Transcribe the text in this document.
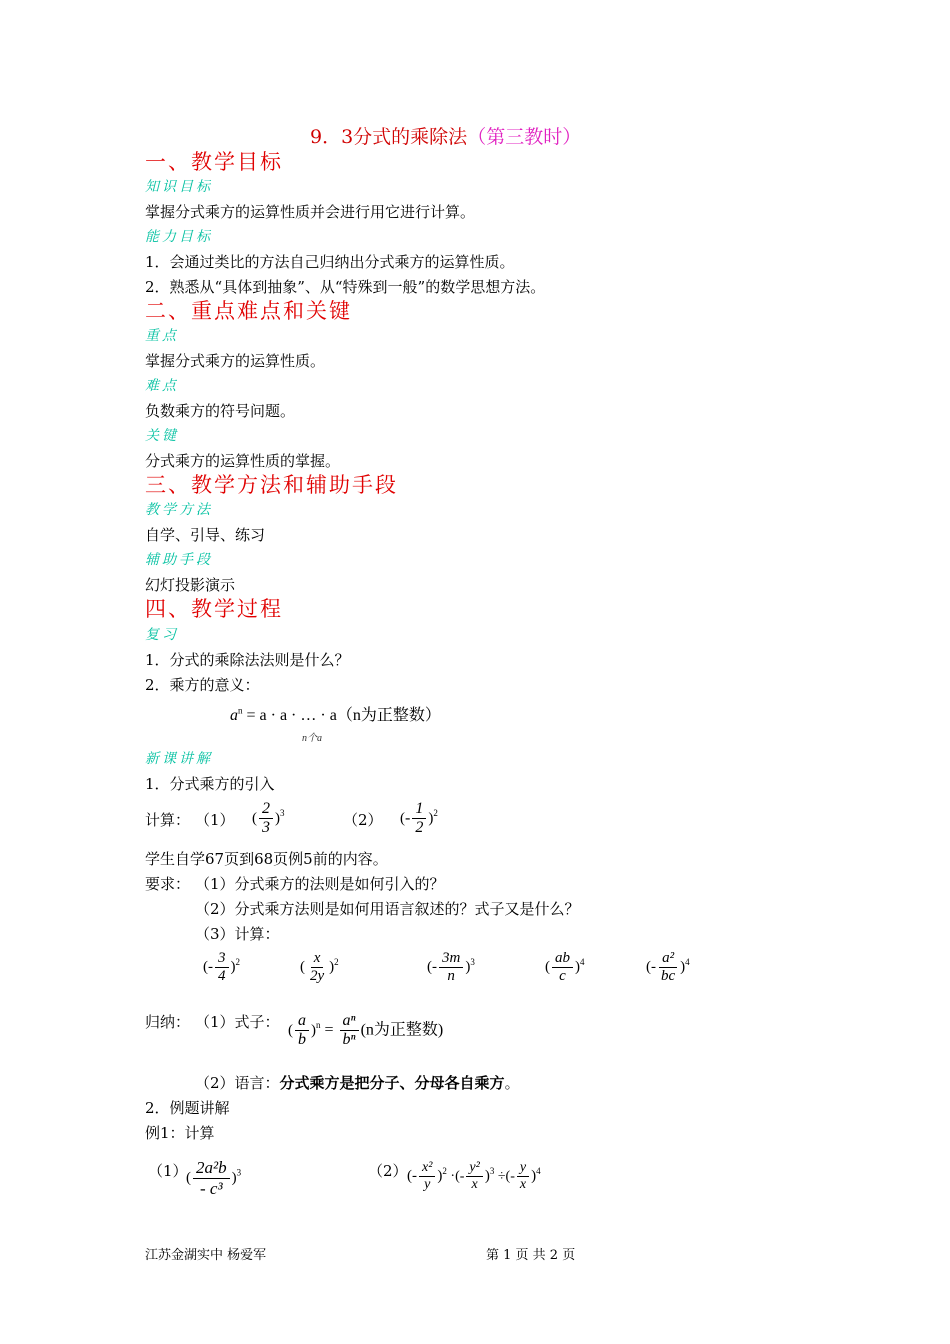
9．3分式的乘除法（第三教时）
一、教学目标
知识目标
掌握分式乘方的运算性质并会进行用它进行计算。
能力目标
1．会通过类比的方法自己归纳出分式乘方的运算性质。
2．熟悉从“具体到抽象”、从“特殊到一般”的数学思想方法。
二、重点难点和关键
重点
掌握分式乘方的运算性质。
难点
负数乘方的符号问题。
关键
分式乘方的运算性质的掌握。
三、教学方法和辅助手段
教学方法
自学、引导、练习
辅助手段
幻灯投影演示
四、教学过程
复习
1．分式的乘除法法则是什么？
2．乘方的意义：
$a^n = a \cdot a$ · … · a（n为正整数）
n个a
新课讲解
1．分式乘方的引入
计算： （1） ( $\frac{2}{3} )^3$	（2） (- $\frac{1}{2} )^2$
学生自学67页到68页例5前的内容。
要求： （1）分式乘方的法则是如何引入的？
（2）分式乘方法则是如何用语言叙述的？式子又是什么？
（3）计算：
(- $\frac{3}{4} )^2$	( $\frac{x}{2y} )^2$	(- $\frac{3m}{n} )^3$	( $\frac{ab}{c} )^4$	(- $\frac{\text{a²}}{bc} )^4$
归纳： （1）式子： ( $\frac{a}{b} )^n = \frac{\text{aⁿ}}{\text{bⁿ}} (n$为正整数)
（2）语言：分式乘方是把分子、分母各自乘方。
2．例题讲解
例1：计算
（1）
( $\frac{\text{2a²b}}{\text{- c³}} )^3$	（2） (- $\frac{\text{x²}}{y} )^2$ ·(- $\frac{\text{y²}}{x} )^3$ ÷(- $\frac{y}{x} )^4$
江苏金湖实中 杨爱军	第 1 页 共 2 页
